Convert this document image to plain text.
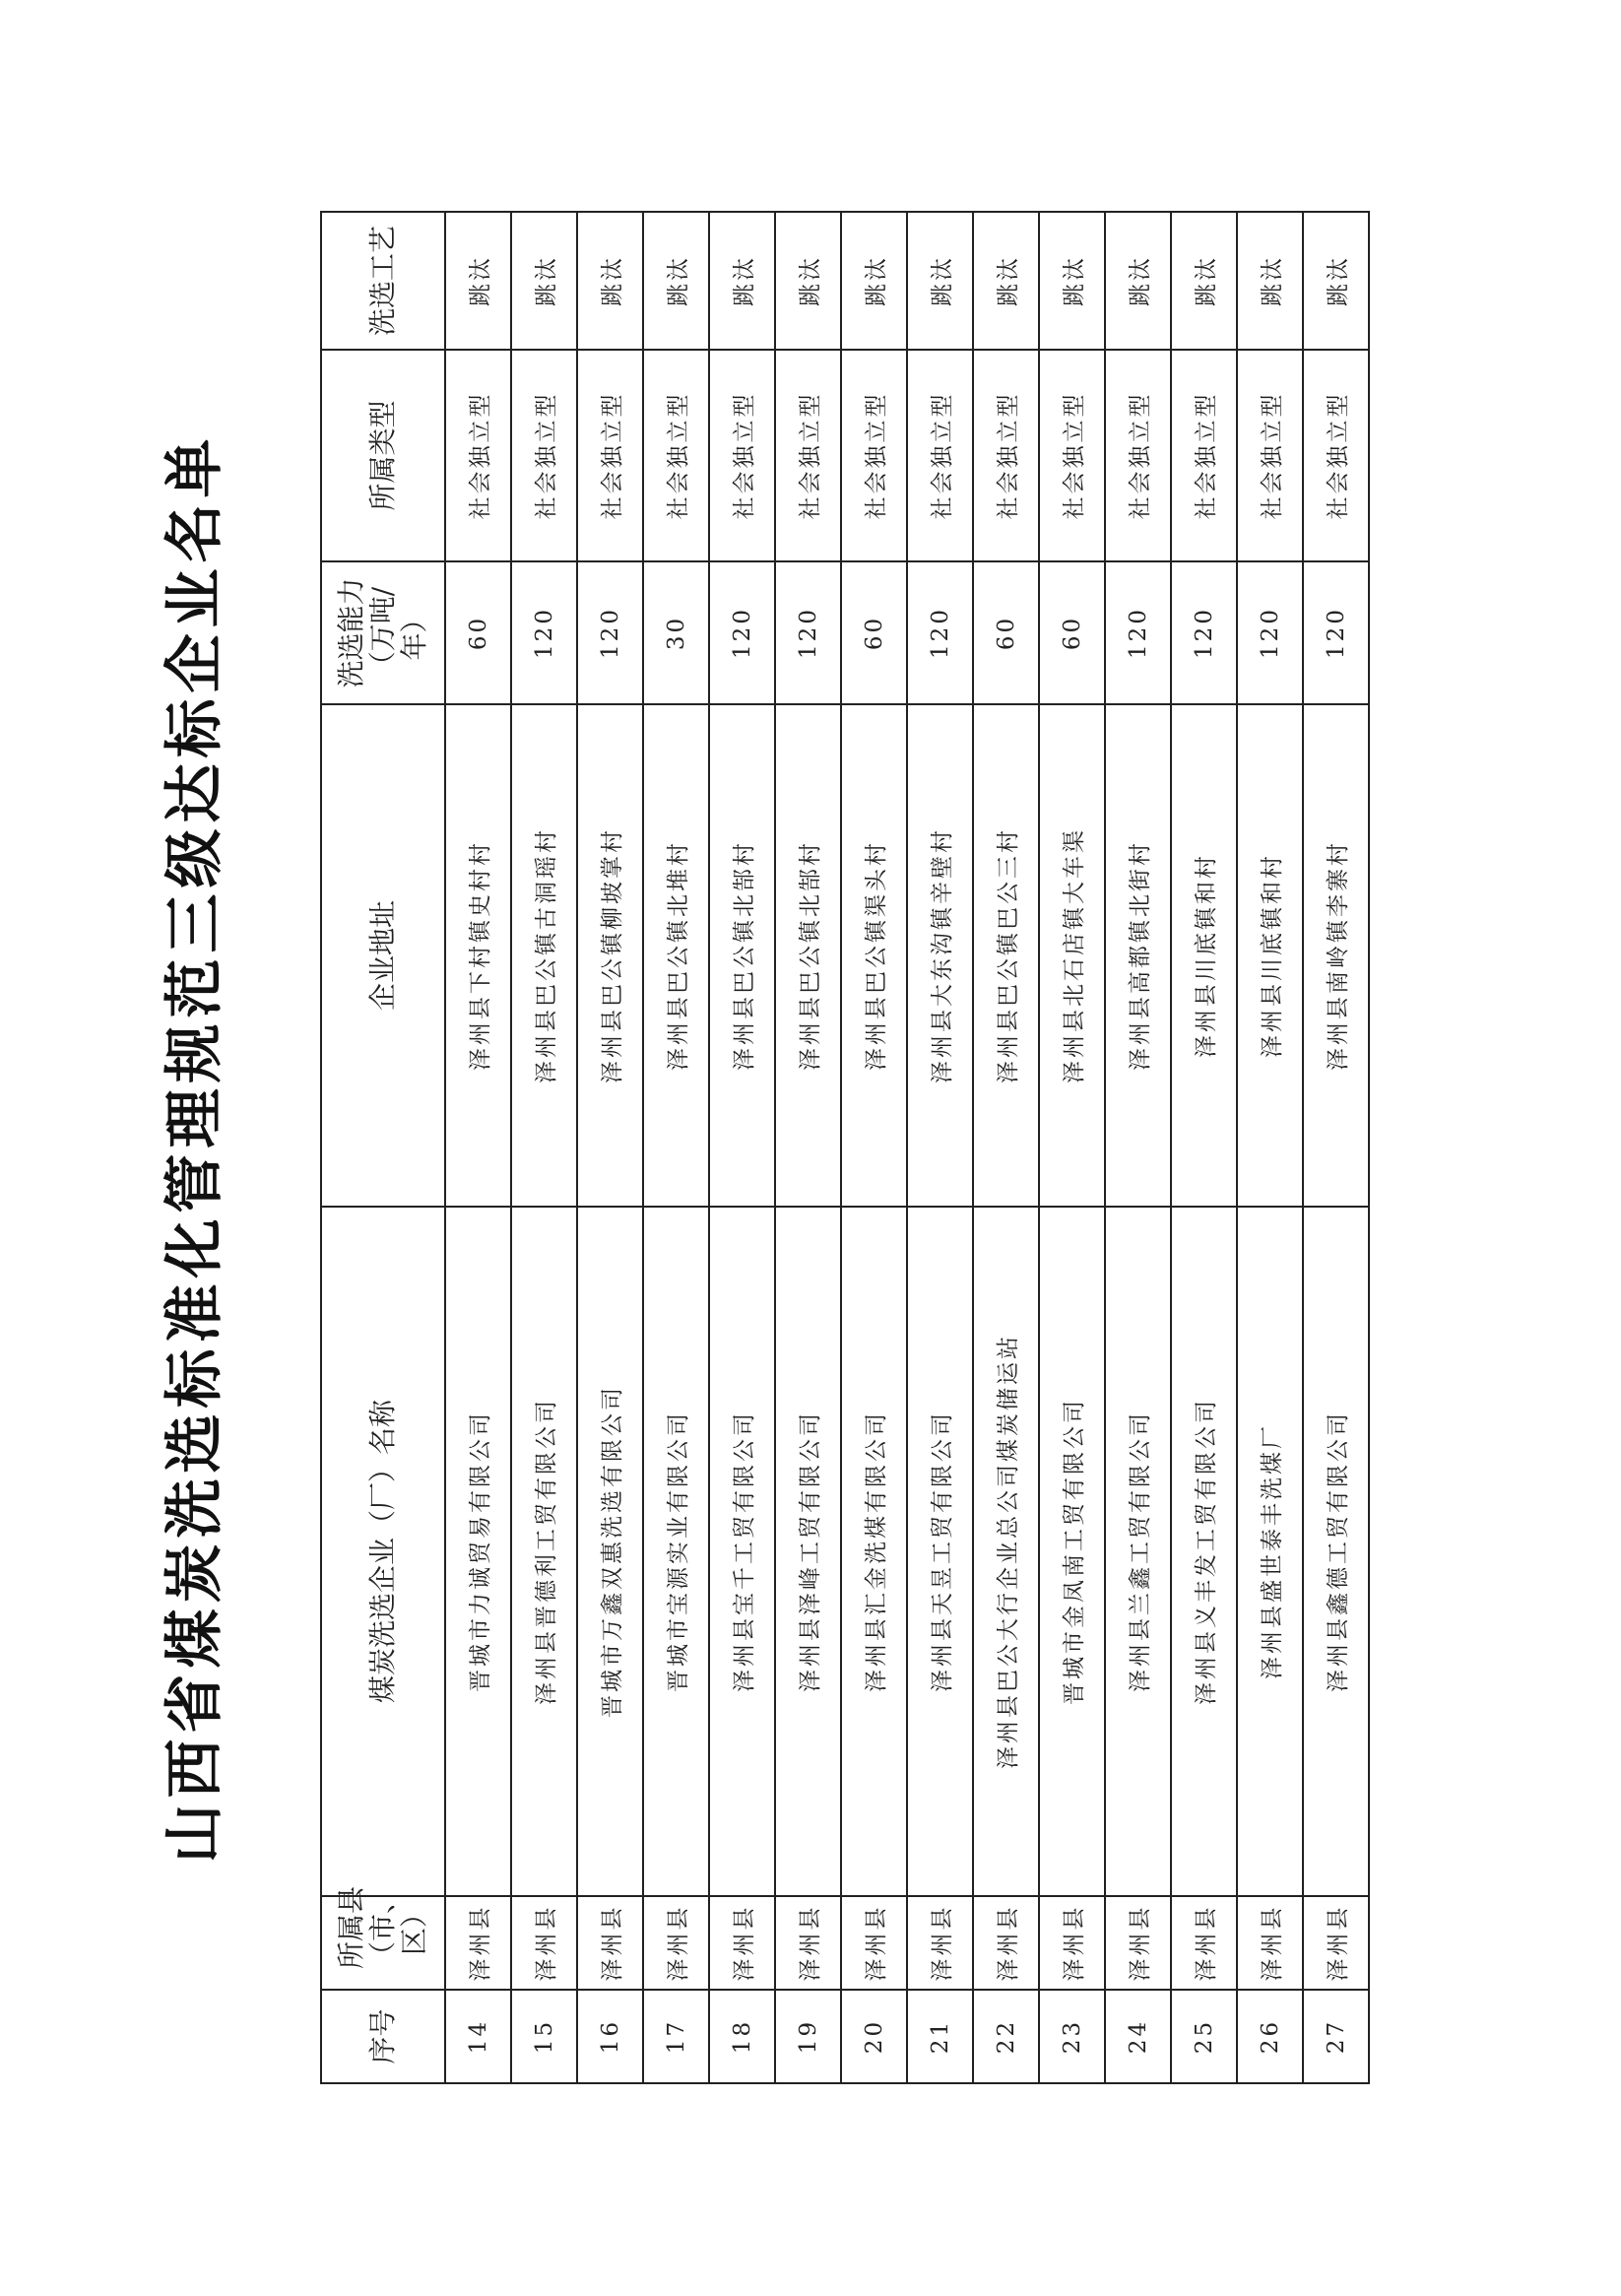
山西省煤炭洗选标准化管理规范三级达标企业名单
序号	所属县（市、区）	煤炭洗选企业（厂）名称	企业地址	洗选能力（万吨/年）	所属类型	洗选工艺
14	泽州县	晋城市力诚贸易有限公司	泽州县下村镇史村村	60	社会独立型	跳汰
15	泽州县	泽州县晋德利工贸有限公司	泽州县巴公镇古洞瑶村	120	社会独立型	跳汰
16	泽州县	晋城市万鑫双惠洗选有限公司	泽州县巴公镇柳坡掌村	120	社会独立型	跳汰
17	泽州县	晋城市宝源实业有限公司	泽州县巴公镇北堆村	30	社会独立型	跳汰
18	泽州县	泽州县宝千工贸有限公司	泽州县巴公镇北郜村	120	社会独立型	跳汰
19	泽州县	泽州县泽峰工贸有限公司	泽州县巴公镇北郜村	120	社会独立型	跳汰
20	泽州县	泽州县汇金洗煤有限公司	泽州县巴公镇渠头村	60	社会独立型	跳汰
21	泽州县	泽州县天昱工贸有限公司	泽州县大东沟镇辛壁村	120	社会独立型	跳汰
22	泽州县	泽州县巴公大行企业总公司煤炭储运站	泽州县巴公镇巴公三村	60	社会独立型	跳汰
23	泽州县	晋城市金凤南工贸有限公司	泽州县北石店镇大车渠	60	社会独立型	跳汰
24	泽州县	泽州县兰鑫工贸有限公司	泽州县高都镇北街村	120	社会独立型	跳汰
25	泽州县	泽州县义丰发工贸有限公司	泽州县川底镇和村	120	社会独立型	跳汰
26	泽州县	泽州县盛世泰丰洗煤厂	泽州县川底镇和村	120	社会独立型	跳汰
27	泽州县	泽州县鑫德工贸有限公司	泽州县南岭镇李寨村	120	社会独立型	跳汰
